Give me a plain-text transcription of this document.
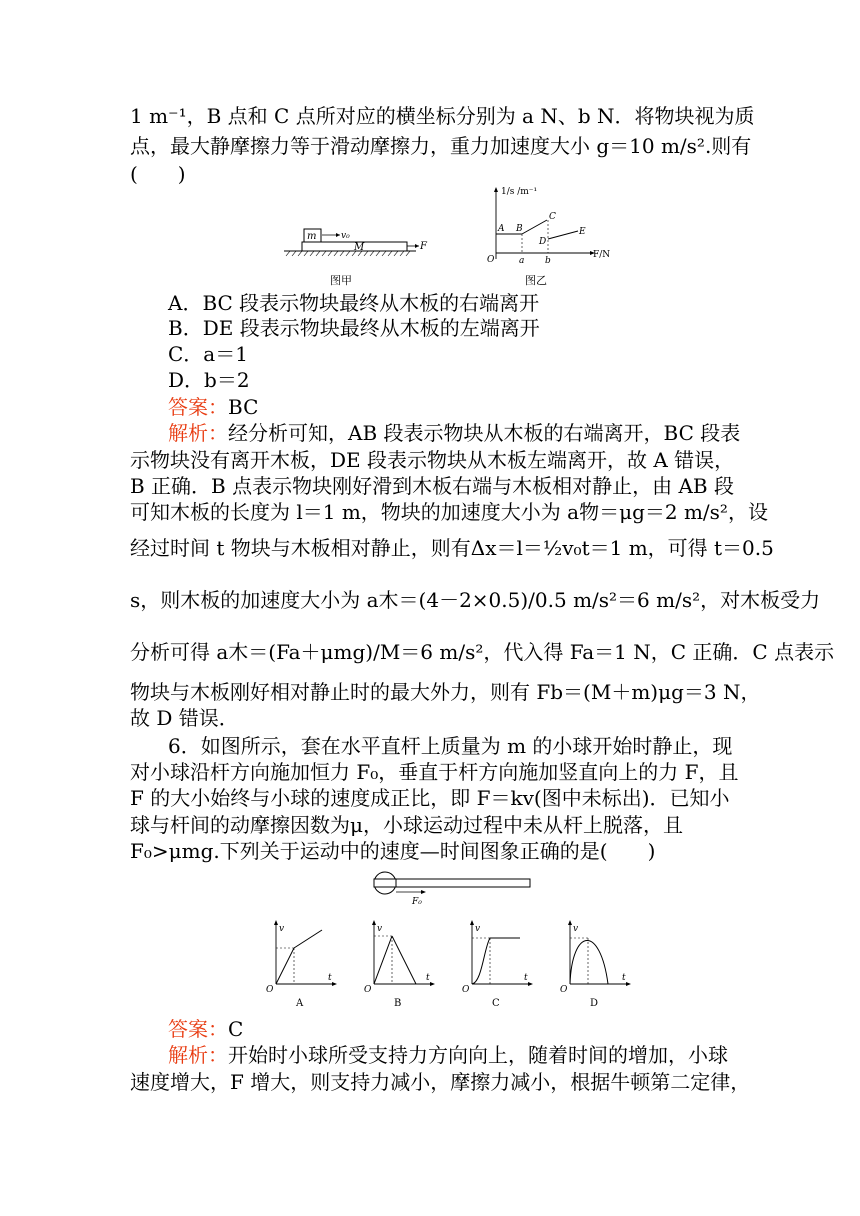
1 m⁻¹，B 点和 C 点所对应的横坐标分别为 a N、b N．将物块视为质
点，最大静摩擦力等于滑动摩擦力，重力加速度大小 g＝10 m/s².则有
(　　)
m	v₀
M	F
图甲
1/s /m⁻¹
A B
C
D
E
O	a b
F/N
图乙
A．BC 段表示物块最终从木板的右端离开
B．DE 段表示物块最终从木板的左端离开
C．a＝1
D．b＝2
答案：BC
解析：经分析可知，AB 段表示物块从木板的右端离开，BC 段表
示物块没有离开木板，DE 段表示物块从木板左端离开，故 A 错误，
B 正确．B 点表示物块刚好滑到木板右端与木板相对静止，由 AB 段
可知木板的长度为 l＝1 m，物块的加速度大小为 a物＝μg＝2 m/s²，设
经过时间 t 物块与木板相对静止，则有Δx＝l＝½v₀t＝1 m，可得 t＝0.5
s，则木板的加速度大小为 a木＝(4－2×0.5)/0.5 m/s²＝6 m/s²，对木板受力
分析可得 a木＝(Fa＋μmg)/M＝6 m/s²，代入得 Fa＝1 N，C 正确．C 点表示
物块与木板刚好相对静止时的最大外力，则有 Fb＝(M＋m)μg＝3 N，
故 D 错误．
6．如图所示，套在水平直杆上质量为 m 的小球开始时静止，现
对小球沿杆方向施加恒力 F₀，垂直于杆方向施加竖直向上的力 F，且
F 的大小始终与小球的速度成正比，即 F＝kv(图中未标出)．已知小
球与杆间的动摩擦因数为μ，小球运动过程中未从杆上脱落，且
F₀>μmg.下列关于运动中的速度—时间图象正确的是(　　)
F₀
v
t
O
A
v
t
O
B
v
t
O
C
v
t
O
D
答案：C
解析：开始时小球所受支持力方向向上，随着时间的增加，小球
速度增大，F 增大，则支持力减小，摩擦力减小，根据牛顿第二定律，
